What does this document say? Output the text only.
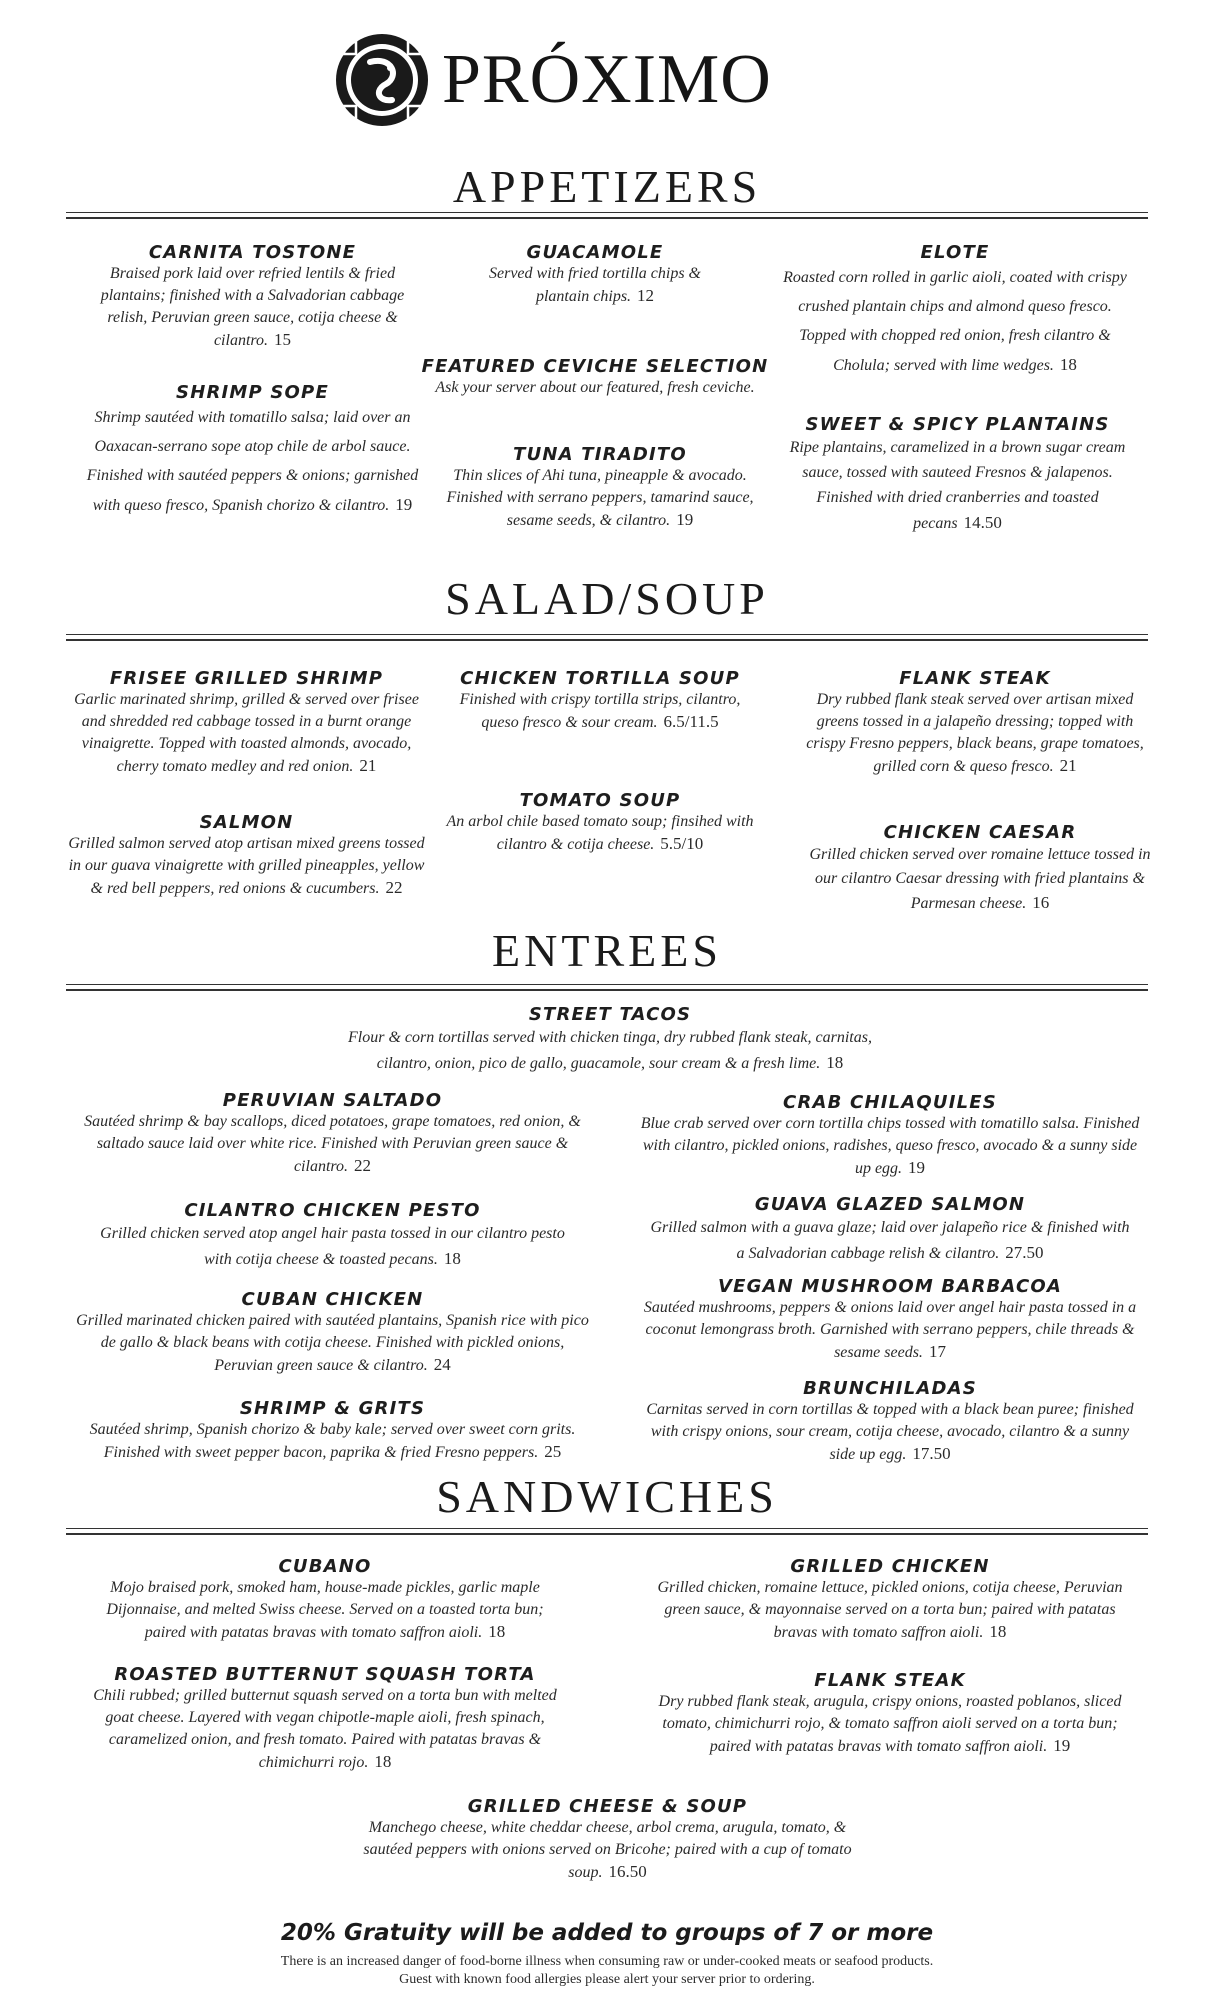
PRÓXIMO
APPETIZERS
CARNITA TOSTONE
Braised pork laid over refried lentils & fried plantains; finished with a Salvadorian cabbage relish, Peruvian green sauce, cotija cheese & cilantro. 15
SHRIMP SOPE
Shrimp sautéed with tomatillo salsa; laid over an Oaxacan-serrano sope atop chile de arbol sauce. Finished with sautéed peppers & onions; garnished with queso fresco, Spanish chorizo & cilantro. 19
GUACAMOLE
Served with fried tortilla chips & plantain chips. 12
FEATURED CEVICHE SELECTION
Ask your server about our featured, fresh ceviche.
TUNA TIRADITO
Thin slices of Ahi tuna, pineapple & avocado. Finished with serrano peppers, tamarind sauce, sesame seeds, & cilantro. 19
ELOTE
Roasted corn rolled in garlic aioli, coated with crispy crushed plantain chips and almond queso fresco. Topped with chopped red onion, fresh cilantro & Cholula; served with lime wedges. 18
SWEET & SPICY PLANTAINS
Ripe plantains, caramelized in a brown sugar cream sauce, tossed with sauteed Fresnos & jalapenos. Finished with dried cranberries and toasted pecans 14.50
SALAD/SOUP
FRISEE GRILLED SHRIMP
Garlic marinated shrimp, grilled & served over frisee and shredded red cabbage tossed in a burnt orange vinaigrette. Topped with toasted almonds, avocado, cherry tomato medley and red onion. 21
SALMON
Grilled salmon served atop artisan mixed greens tossed in our guava vinaigrette with grilled pineapples, yellow & red bell peppers, red onions & cucumbers. 22
CHICKEN TORTILLA SOUP
Finished with crispy tortilla strips, cilantro, queso fresco & sour cream. 6.5/11.5
TOMATO SOUP
An arbol chile based tomato soup; finsihed with cilantro & cotija cheese. 5.5/10
FLANK STEAK
Dry rubbed flank steak served over artisan mixed greens tossed in a jalapeño dressing; topped with crispy Fresno peppers, black beans, grape tomatoes, grilled corn & queso fresco. 21
CHICKEN CAESAR
Grilled chicken served over romaine lettuce tossed in our cilantro Caesar dressing with fried plantains & Parmesan cheese. 16
ENTREES
STREET TACOS
Flour & corn tortillas served with chicken tinga, dry rubbed flank steak, carnitas, cilantro, onion, pico de gallo, guacamole, sour cream & a fresh lime. 18
PERUVIAN SALTADO
Sautéed shrimp & bay scallops, diced potatoes, grape tomatoes, red onion, & saltado sauce laid over white rice. Finished with Peruvian green sauce & cilantro. 22
CILANTRO CHICKEN PESTO
Grilled chicken served atop angel hair pasta tossed in our cilantro pesto with cotija cheese & toasted pecans. 18
CUBAN CHICKEN
Grilled marinated chicken paired with sautéed plantains, Spanish rice with pico de gallo & black beans with cotija cheese. Finished with pickled onions, Peruvian green sauce & cilantro. 24
SHRIMP & GRITS
Sautéed shrimp, Spanish chorizo & baby kale; served over sweet corn grits. Finished with sweet pepper bacon, paprika & fried Fresno peppers. 25
CRAB CHILAQUILES
Blue crab served over corn tortilla chips tossed with tomatillo salsa. Finished with cilantro, pickled onions, radishes, queso fresco, avocado & a sunny side up egg. 19
GUAVA GLAZED SALMON
Grilled salmon with a guava glaze; laid over jalapeño rice & finished with a Salvadorian cabbage relish & cilantro. 27.50
VEGAN MUSHROOM BARBACOA
Sautéed mushrooms, peppers & onions laid over angel hair pasta tossed in a coconut lemongrass broth. Garnished with serrano peppers, chile threads & sesame seeds. 17
BRUNCHILADAS
Carnitas served in corn tortillas & topped with a black bean puree; finished with crispy onions, sour cream, cotija cheese, avocado, cilantro & a sunny side up egg. 17.50
SANDWICHES
CUBANO
Mojo braised pork, smoked ham, house-made pickles, garlic maple Dijonnaise, and melted Swiss cheese. Served on a toasted torta bun; paired with patatas bravas with tomato saffron aioli. 18
ROASTED BUTTERNUT SQUASH TORTA
Chili rubbed; grilled butternut squash served on a torta bun with melted goat cheese. Layered with vegan chipotle-maple aioli, fresh spinach, caramelized onion, and fresh tomato. Paired with patatas bravas & chimichurri rojo. 18
GRILLED CHICKEN
Grilled chicken, romaine lettuce, pickled onions, cotija cheese, Peruvian green sauce, & mayonnaise served on a torta bun; paired with patatas bravas with tomato saffron aioli. 18
FLANK STEAK
Dry rubbed flank steak, arugula, crispy onions, roasted poblanos, sliced tomato, chimichurri rojo, & tomato saffron aioli served on a torta bun; paired with patatas bravas with tomato saffron aioli. 19
GRILLED CHEESE & SOUP
Manchego cheese, white cheddar cheese, arbol crema, arugula, tomato, & sautéed peppers with onions served on Bricohe; paired with a cup of tomato soup. 16.50
20% Gratuity will be added to groups of 7 or more
There is an increased danger of food-borne illness when consuming raw or under-cooked meats or seafood products.
Guest with known food allergies please alert your server prior to ordering.
